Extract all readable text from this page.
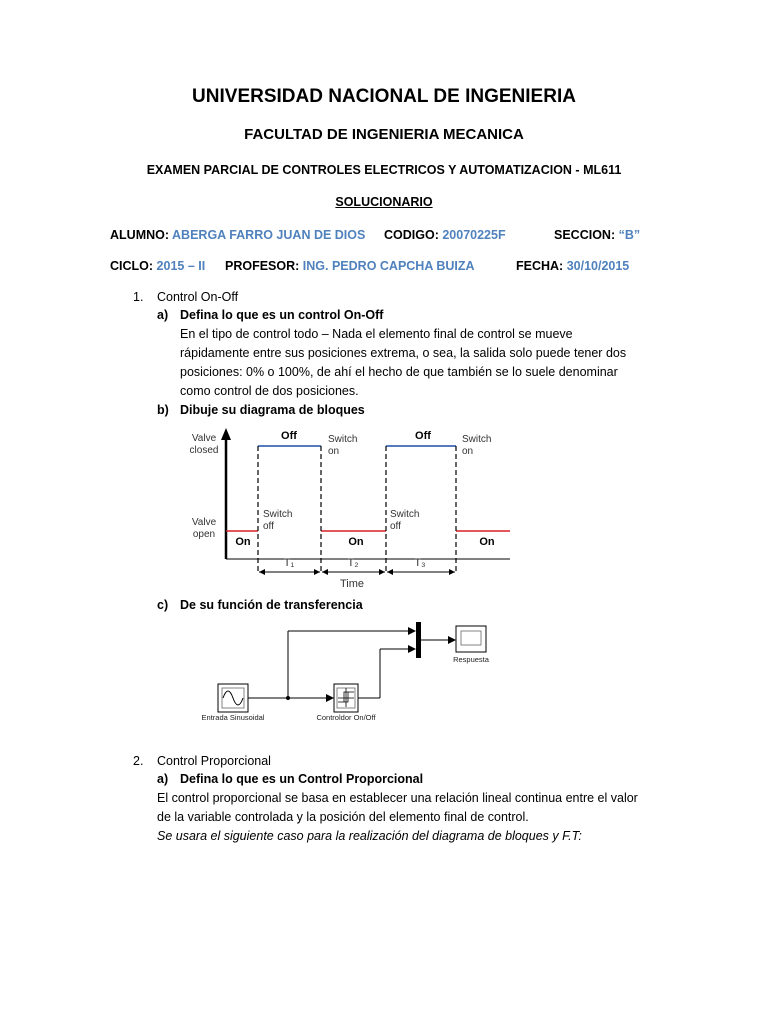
UNIVERSIDAD NACIONAL DE INGENIERIA
FACULTAD DE INGENIERIA MECANICA
EXAMEN PARCIAL DE CONTROLES ELECTRICOS Y AUTOMATIZACION - ML611
SOLUCIONARIO
ALUMNO: ABERGA FARRO JUAN DE DIOS CODIGO: 20070225F	SECCION: “B”
CICLO: 2015 – II PROFESOR: ING. PEDRO CAPCHA BUIZA	FECHA: 30/10/2015
1. Control On-Off
a) Defina lo que es un control On-Off
En el tipo de control todo – Nada el elemento final de control se mueve
rápidamente entre sus posiciones extrema, o sea, la salida solo puede tener dos
posiciones: 0% o 100%, de ahí el hecho de que también se lo suele denominar
como control de dos posiciones.
b) Dibuje su diagrama de bloques
Valve
closed
Valve
open
Off	Off
On	On	On
Switch
on
Switch
on
Switch
off
Switch
off
T₁	T₂	T₃
Time
c) De su función de transferencia
Entrada Sinusoidal	Controldor On/Off
Respuesta
2. Control Proporcional
a) Defina lo que es un Control Proporcional
El control proporcional se basa en establecer una relación lineal continua entre el valor
de la variable controlada y la posición del elemento final de control.
Se usara el siguiente caso para la realización del diagrama de bloques y F.T:
